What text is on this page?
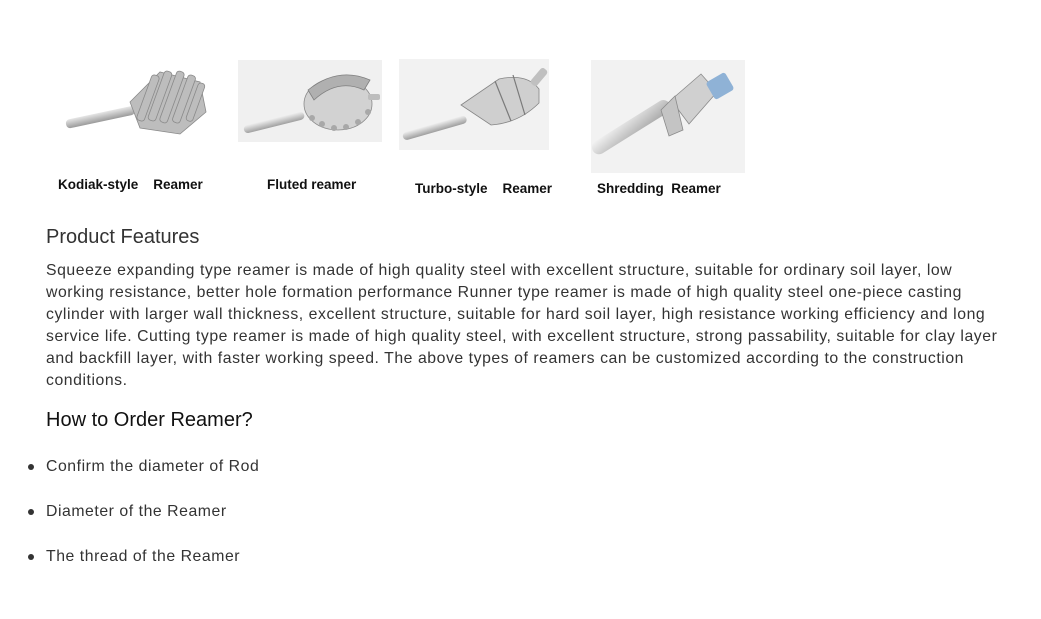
Kodiak-style    Reamer	Fluted reamer	Turbo-style    Reamer	Shredding  Reamer
Product Features

Squeeze expanding type reamer is made of high quality steel with excellent structure, suitable for ordinary soil layer, low working resistance, better hole formation performance Runner type reamer is made of high quality steel one-piece casting cylinder with larger wall thickness, excellent structure, suitable for hard soil layer, high resistance working efficiency and long service life. Cutting type reamer is made of high quality steel, with excellent structure, strong passability, suitable for clay layer and backfill layer, with faster working speed. The above types of reamers can be customized according to the construction conditions.

How to Order Reamer?
Confirm the diameter of Rod
Diameter of the Reamer
The thread of the Reamer
